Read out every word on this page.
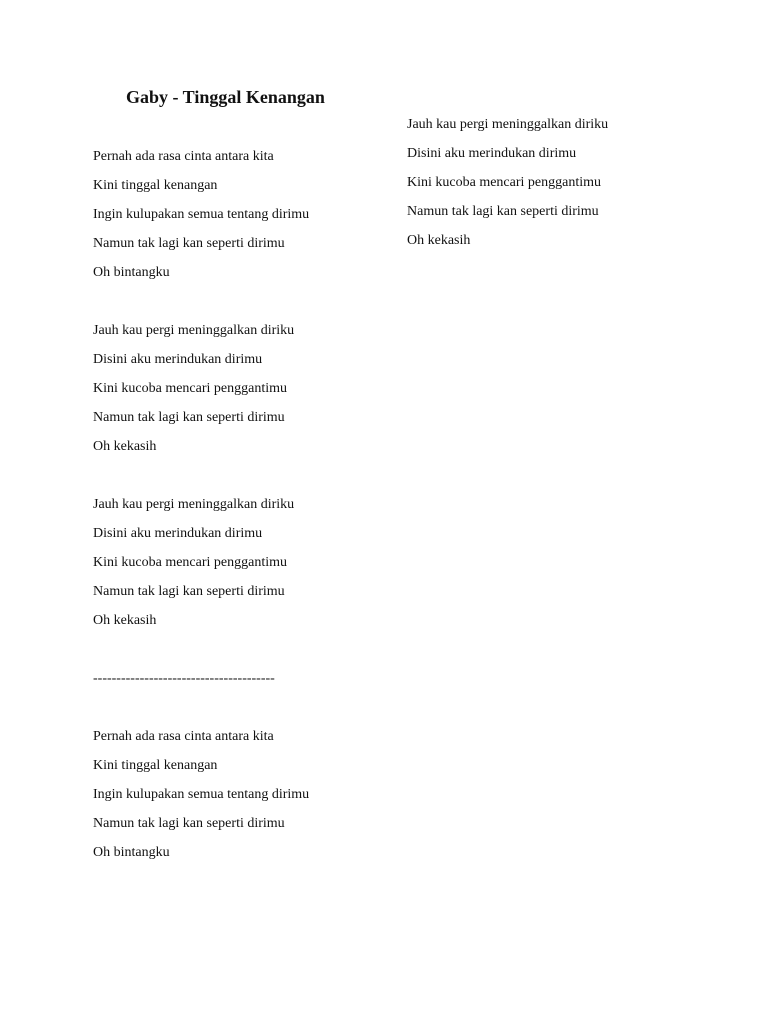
Gaby - Tinggal Kenangan
Pernah ada rasa cinta antara kita
Kini tinggal kenangan
Ingin kulupakan semua tentang dirimu
Namun tak lagi kan seperti dirimu
Oh bintangku
Jauh kau pergi meninggalkan diriku
Disini aku merindukan dirimu
Kini kucoba mencari penggantimu
Namun tak lagi kan seperti dirimu
Oh kekasih
Jauh kau pergi meninggalkan diriku
Disini aku merindukan dirimu
Kini kucoba mencari penggantimu
Namun tak lagi kan seperti dirimu
Oh kekasih
---------------------------------------
Pernah ada rasa cinta antara kita
Kini tinggal kenangan
Ingin kulupakan semua tentang dirimu
Namun tak lagi kan seperti dirimu
Oh bintangku
Jauh kau pergi meninggalkan diriku
Disini aku merindukan dirimu
Kini kucoba mencari penggantimu
Namun tak lagi kan seperti dirimu
Oh kekasih
